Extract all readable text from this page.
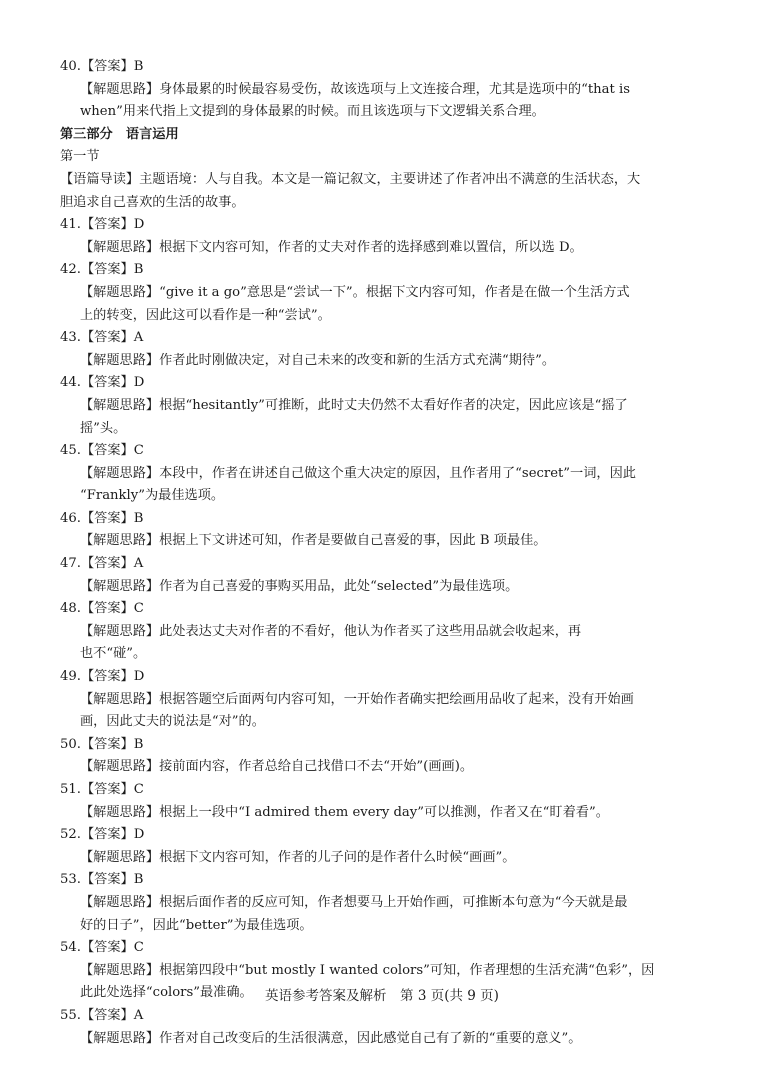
40.【答案】B
【解题思路】身体最累的时候最容易受伤，故该选项与上文连接合理，尤其是选项中的“that is
when”用来代指上文提到的身体最累的时候。而且该选项与下文逻辑关系合理。
第三部分　语言运用
第一节
【语篇导读】主题语境：人与自我。本文是一篇记叙文，主要讲述了作者冲出不满意的生活状态，大
胆追求自己喜欢的生活的故事。
41.【答案】D
【解题思路】根据下文内容可知，作者的丈夫对作者的选择感到难以置信，所以选 D。
42.【答案】B
【解题思路】“give it a go”意思是“尝试一下”。根据下文内容可知，作者是在做一个生活方式
上的转变，因此这可以看作是一种“尝试”。
43.【答案】A
【解题思路】作者此时刚做决定，对自己未来的改变和新的生活方式充满“期待”。
44.【答案】D
【解题思路】根据“hesitantly”可推断，此时丈夫仍然不太看好作者的决定，因此应该是“摇了
摇”头。
45.【答案】C
【解题思路】本段中，作者在讲述自己做这个重大决定的原因，且作者用了“secret”一词，因此
“Frankly”为最佳选项。
46.【答案】B
【解题思路】根据上下文讲述可知，作者是要做自己喜爱的事，因此 B 项最佳。
47.【答案】A
【解题思路】作者为自己喜爱的事购买用品，此处“selected”为最佳选项。
48.【答案】C
【解题思路】此处表达丈夫对作者的不看好，他认为作者买了这些用品就会收起来，再
也不“碰”。
49.【答案】D
【解题思路】根据答题空后面两句内容可知，一开始作者确实把绘画用品收了起来，没有开始画
画，因此丈夫的说法是“对”的。
50.【答案】B
【解题思路】接前面内容，作者总给自己找借口不去“开始”(画画)。
51.【答案】C
【解题思路】根据上一段中“I admired them every day”可以推测，作者又在“盯着看”。
52.【答案】D
【解题思路】根据下文内容可知，作者的儿子问的是作者什么时候“画画”。
53.【答案】B
【解题思路】根据后面作者的反应可知，作者想要马上开始作画，可推断本句意为“今天就是最
好的日子”，因此“better”为最佳选项。
54.【答案】C
【解题思路】根据第四段中“but mostly I wanted colors”可知，作者理想的生活充满“色彩”，因
此此处选择“colors”最准确。
55.【答案】A
【解题思路】作者对自己改变后的生活很满意，因此感觉自己有了新的“重要的意义”。
英语参考答案及解析　第 3 页(共 9 页)
